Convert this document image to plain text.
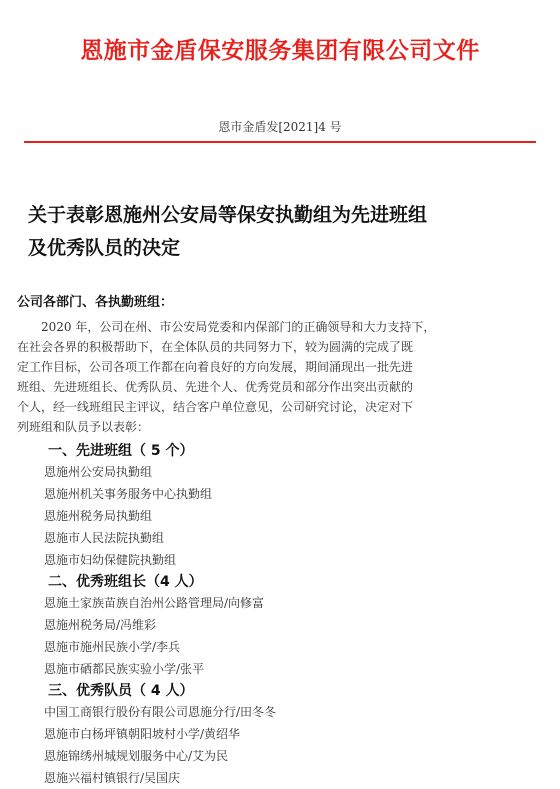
恩施市金盾保安服务集团有限公司文件
恩市金盾发[2021]4 号
关于表彰恩施州公安局等保安执勤组为先进班组
及优秀队员的决定
公司各部门、各执勤班组：
　　2020 年，公司在州、市公安局党委和内保部门的正确领导和大力支持下，
在社会各界的积极帮助下，在全体队员的共同努力下，较为圆满的完成了既
定工作目标，公司各项工作都在向着良好的方向发展，期间涌现出一批先进
班组、先进班组长、优秀队员、先进个人、优秀党员和部分作出突出贡献的
个人，经一线班组民主评议，结合客户单位意见，公司研究讨论，决定对下
列班组和队员予以表彰：
一、先进班组（ 5 个）
恩施州公安局执勤组
恩施州机关事务服务中心执勤组
恩施州税务局执勤组
恩施市人民法院执勤组
恩施市妇幼保健院执勤组
二、优秀班组长（4 人）
恩施土家族苗族自治州公路管理局/向修富
恩施州税务局/冯维彩
恩施市施州民族小学/李兵
恩施市硒都民族实验小学/张平
三、优秀队员（ 4 人）
中国工商银行股份有限公司恩施分行/田冬冬
恩施市白杨坪镇朝阳坡村小学/黄绍华
恩施锦绣州城规划服务中心/艾为民
恩施兴福村镇银行/吴国庆
